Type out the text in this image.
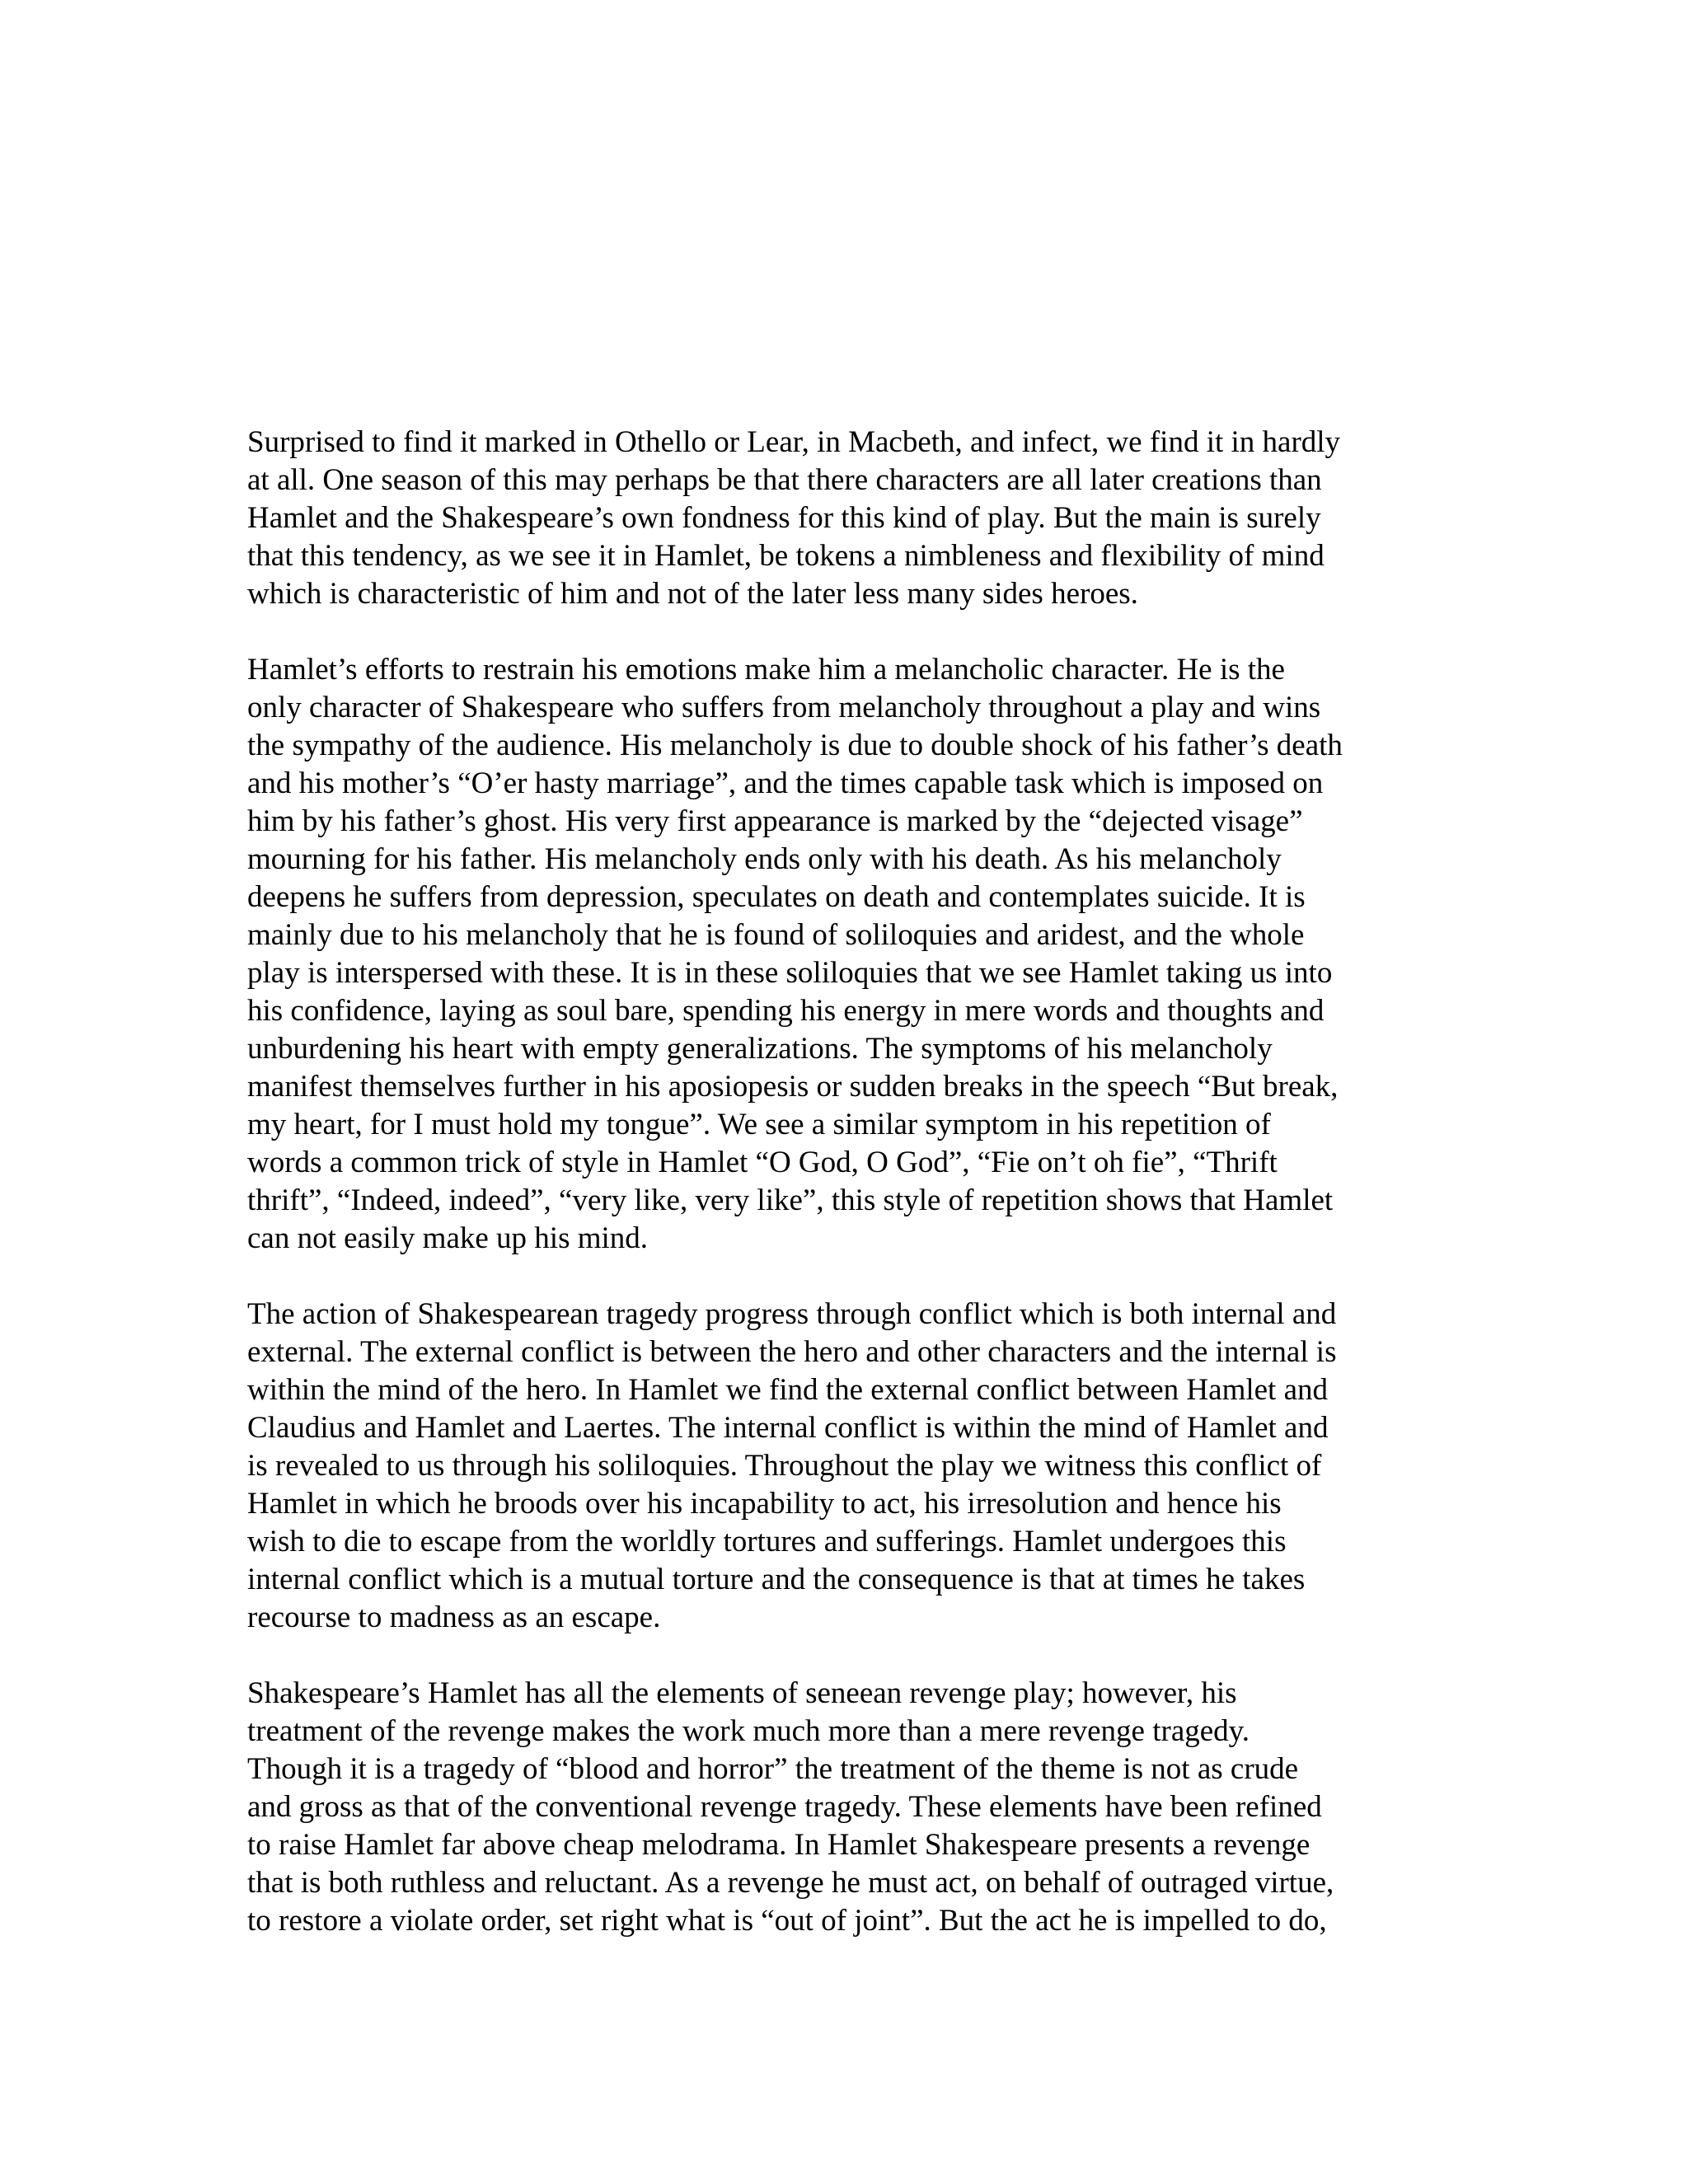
Surprised to find it marked in Othello or Lear, in Macbeth, and infect, we find it in hardly
at all. One season of this may perhaps be that there characters are all later creations than
Hamlet and the Shakespeare’s own fondness for this kind of play. But the main is surely
that this tendency, as we see it in Hamlet, be tokens a nimbleness and flexibility of mind
which is characteristic of him and not of the later less many sides heroes.
Hamlet’s efforts to restrain his emotions make him a melancholic character. He is the
only character of Shakespeare who suffers from melancholy throughout a play and wins
the sympathy of the audience. His melancholy is due to double shock of his father’s death
and his mother’s “O’er hasty marriage”, and the times capable task which is imposed on
him by his father’s ghost. His very first appearance is marked by the “dejected visage”
mourning for his father. His melancholy ends only with his death. As his melancholy
deepens he suffers from depression, speculates on death and contemplates suicide. It is
mainly due to his melancholy that he is found of soliloquies and aridest, and the whole
play is interspersed with these. It is in these soliloquies that we see Hamlet taking us into
his confidence, laying as soul bare, spending his energy in mere words and thoughts and
unburdening his heart with empty generalizations. The symptoms of his melancholy
manifest themselves further in his aposiopesis or sudden breaks in the speech “But break,
my heart, for I must hold my tongue”. We see a similar symptom in his repetition of
words a common trick of style in Hamlet “O God, O God”, “Fie on’t oh fie”, “Thrift
thrift”, “Indeed, indeed”, “very like, very like”, this style of repetition shows that Hamlet
can not easily make up his mind.
The action of Shakespearean tragedy progress through conflict which is both internal and
external. The external conflict is between the hero and other characters and the internal is
within the mind of the hero. In Hamlet we find the external conflict between Hamlet and
Claudius and Hamlet and Laertes. The internal conflict is within the mind of Hamlet and
is revealed to us through his soliloquies. Throughout the play we witness this conflict of
Hamlet in which he broods over his incapability to act, his irresolution and hence his
wish to die to escape from the worldly tortures and sufferings. Hamlet undergoes this
internal conflict which is a mutual torture and the consequence is that at times he takes
recourse to madness as an escape.
Shakespeare’s Hamlet has all the elements of seneean revenge play; however, his
treatment of the revenge makes the work much more than a mere revenge tragedy.
Though it is a tragedy of “blood and horror” the treatment of the theme is not as crude
and gross as that of the conventional revenge tragedy. These elements have been refined
to raise Hamlet far above cheap melodrama. In Hamlet Shakespeare presents a revenge
that is both ruthless and reluctant. As a revenge he must act, on behalf of outraged virtue,
to restore a violate order, set right what is “out of joint”. But the act he is impelled to do,
